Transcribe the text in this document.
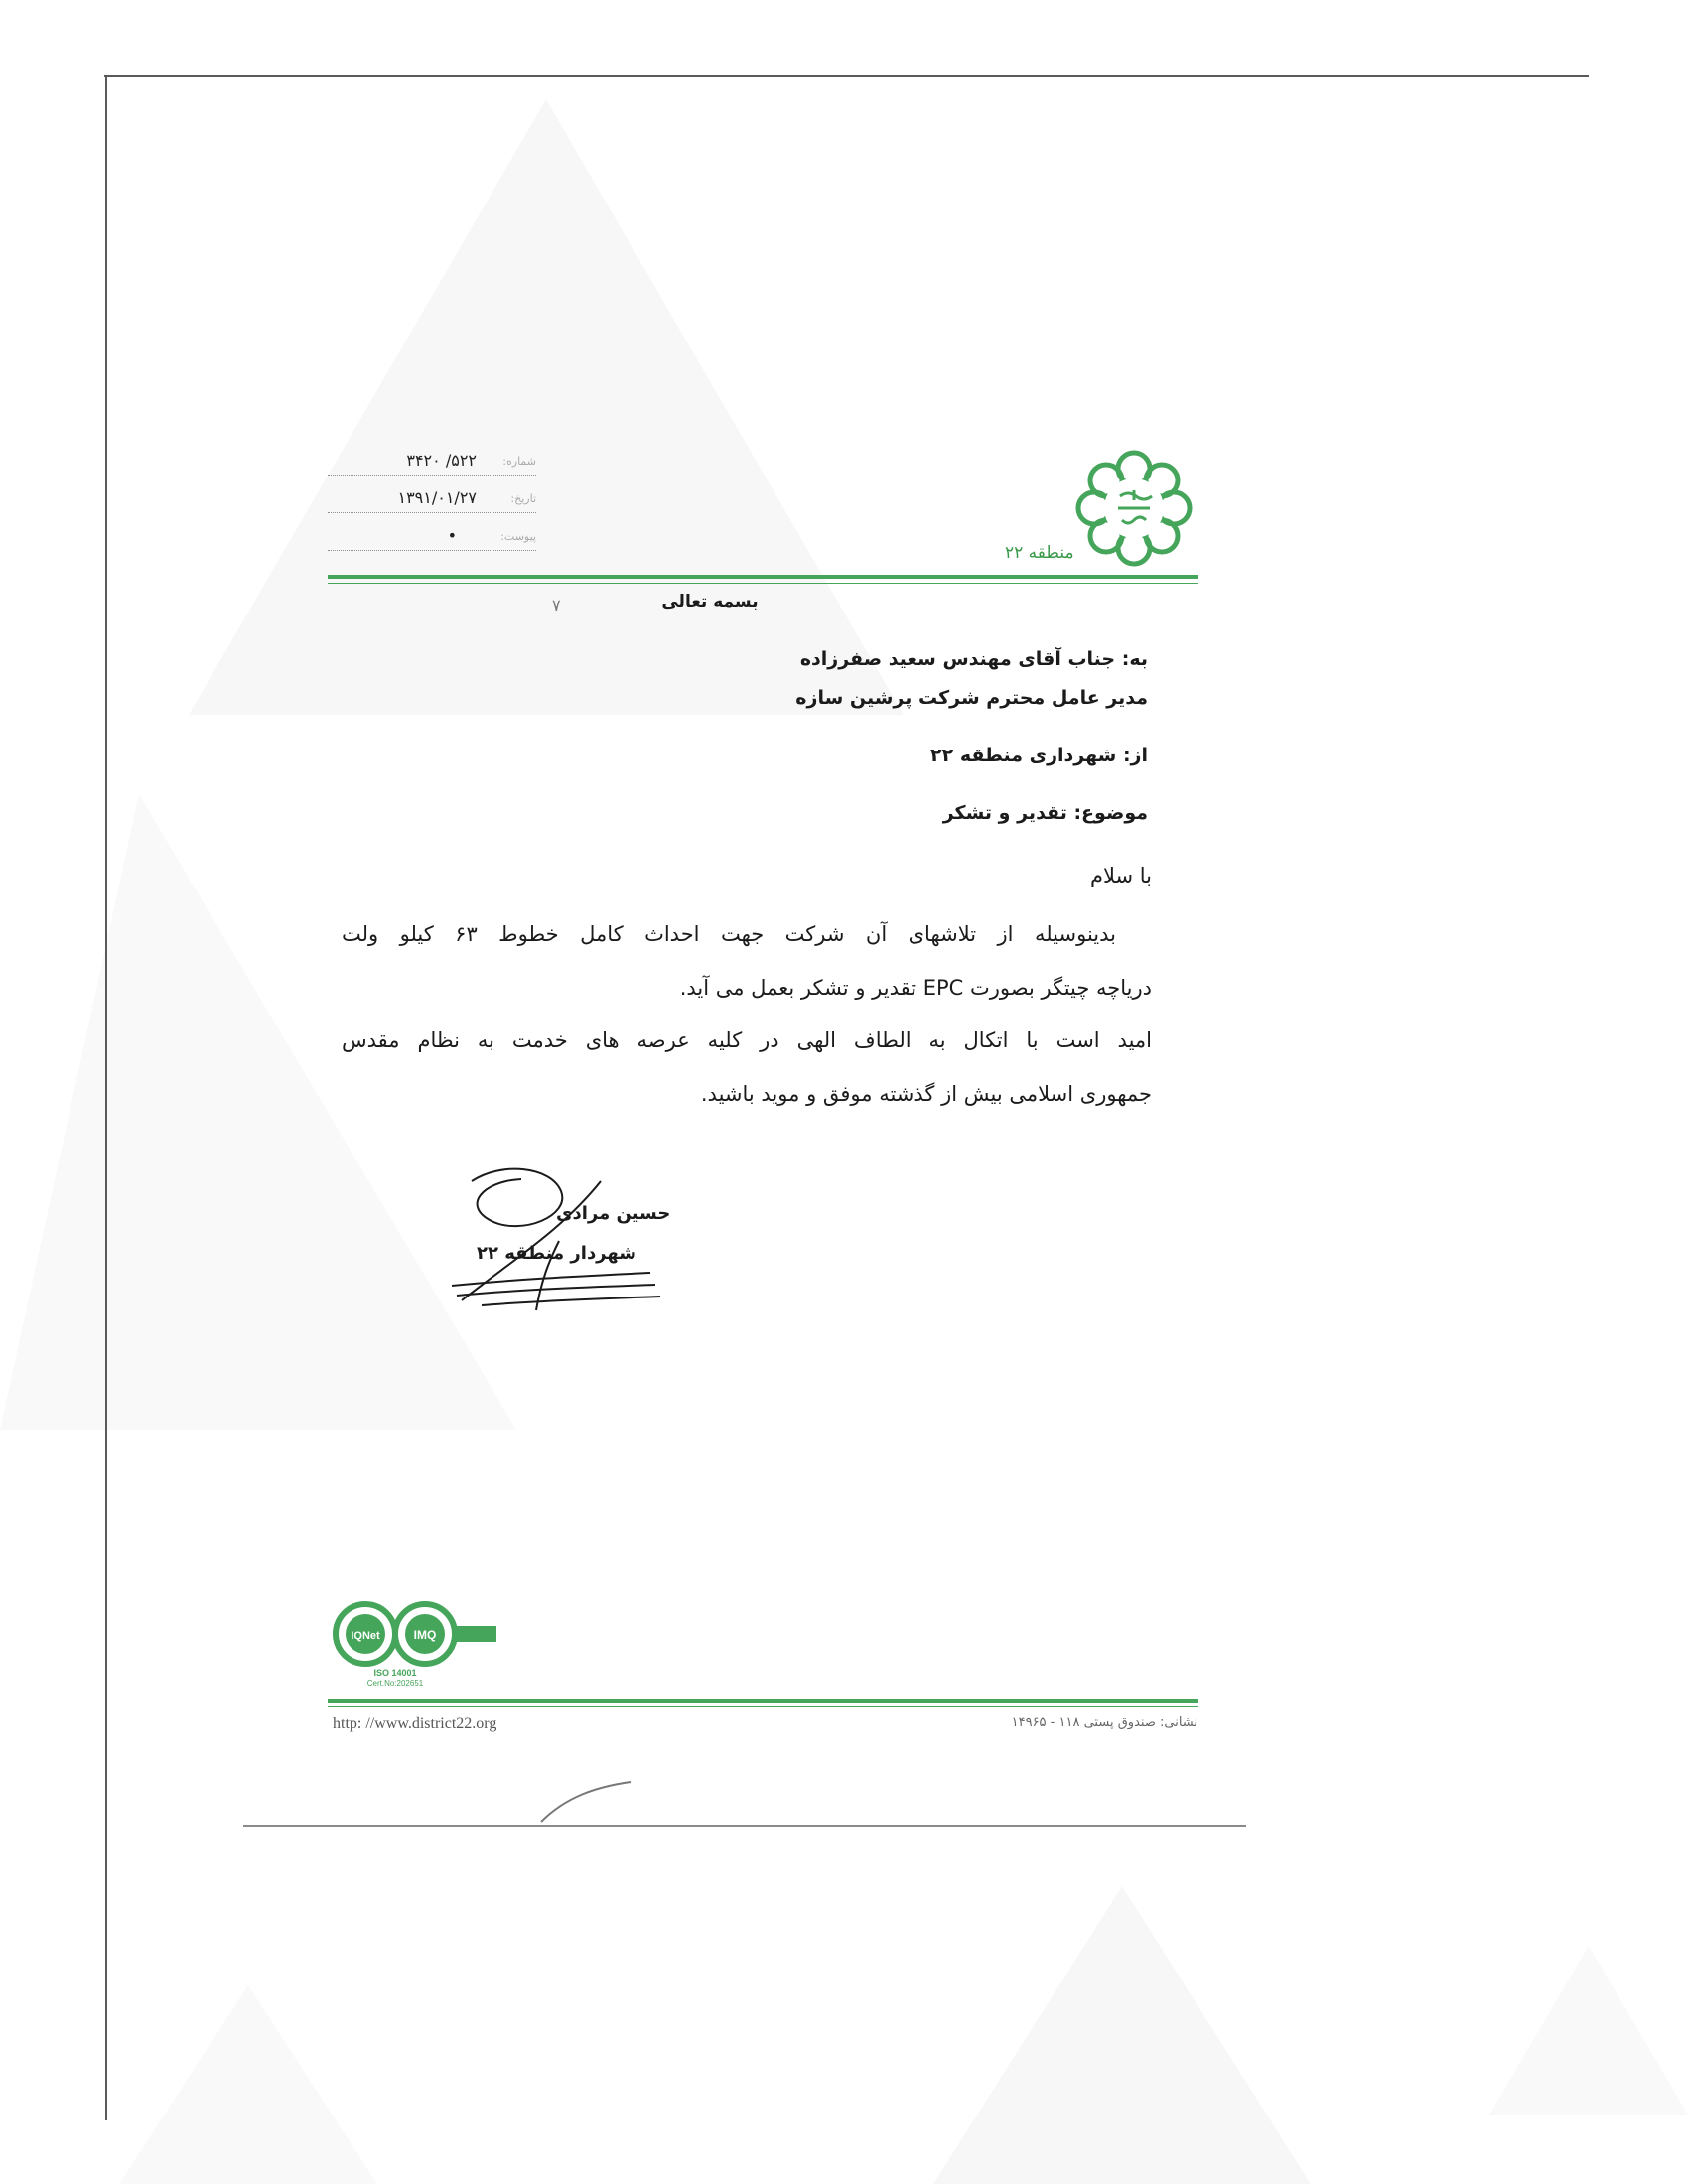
منطقه ۲۲
شماره:
۵۲۲/ ۳۴۲۰
تاریخ:
۱۳۹۱/۰۱/۲۷
پیوست:
•
بسمه تعالی
٧
به: جناب آقای مهندس سعید صفرزاده
مدیر عامل محترم شرکت پرشین سازه
از: شهرداری منطقه ۲۲
موضوع: تقدیر و تشکر
با سلام
بدینوسیله از تلاشهای آن شرکت جهت احداث کامل خطوط ۶۳ کیلو ولت
دریاچه چیتگر بصورت EPC تقدیر و تشکر بعمل می آید.
امید است با اتکال به الطاف الهی در کلیه عرصه های خدمت به نظام مقدس
جمهوری اسلامی بیش از گذشته موفق و موید باشید.
حسین مرادی
شهردار منطقه ۲۲
IQNet	IMQ
ISO 14001
Cert.No:202651
http: //www.district22.org	نشانی: صندوق پستی ۱۱۸ - ۱۴۹۶۵
